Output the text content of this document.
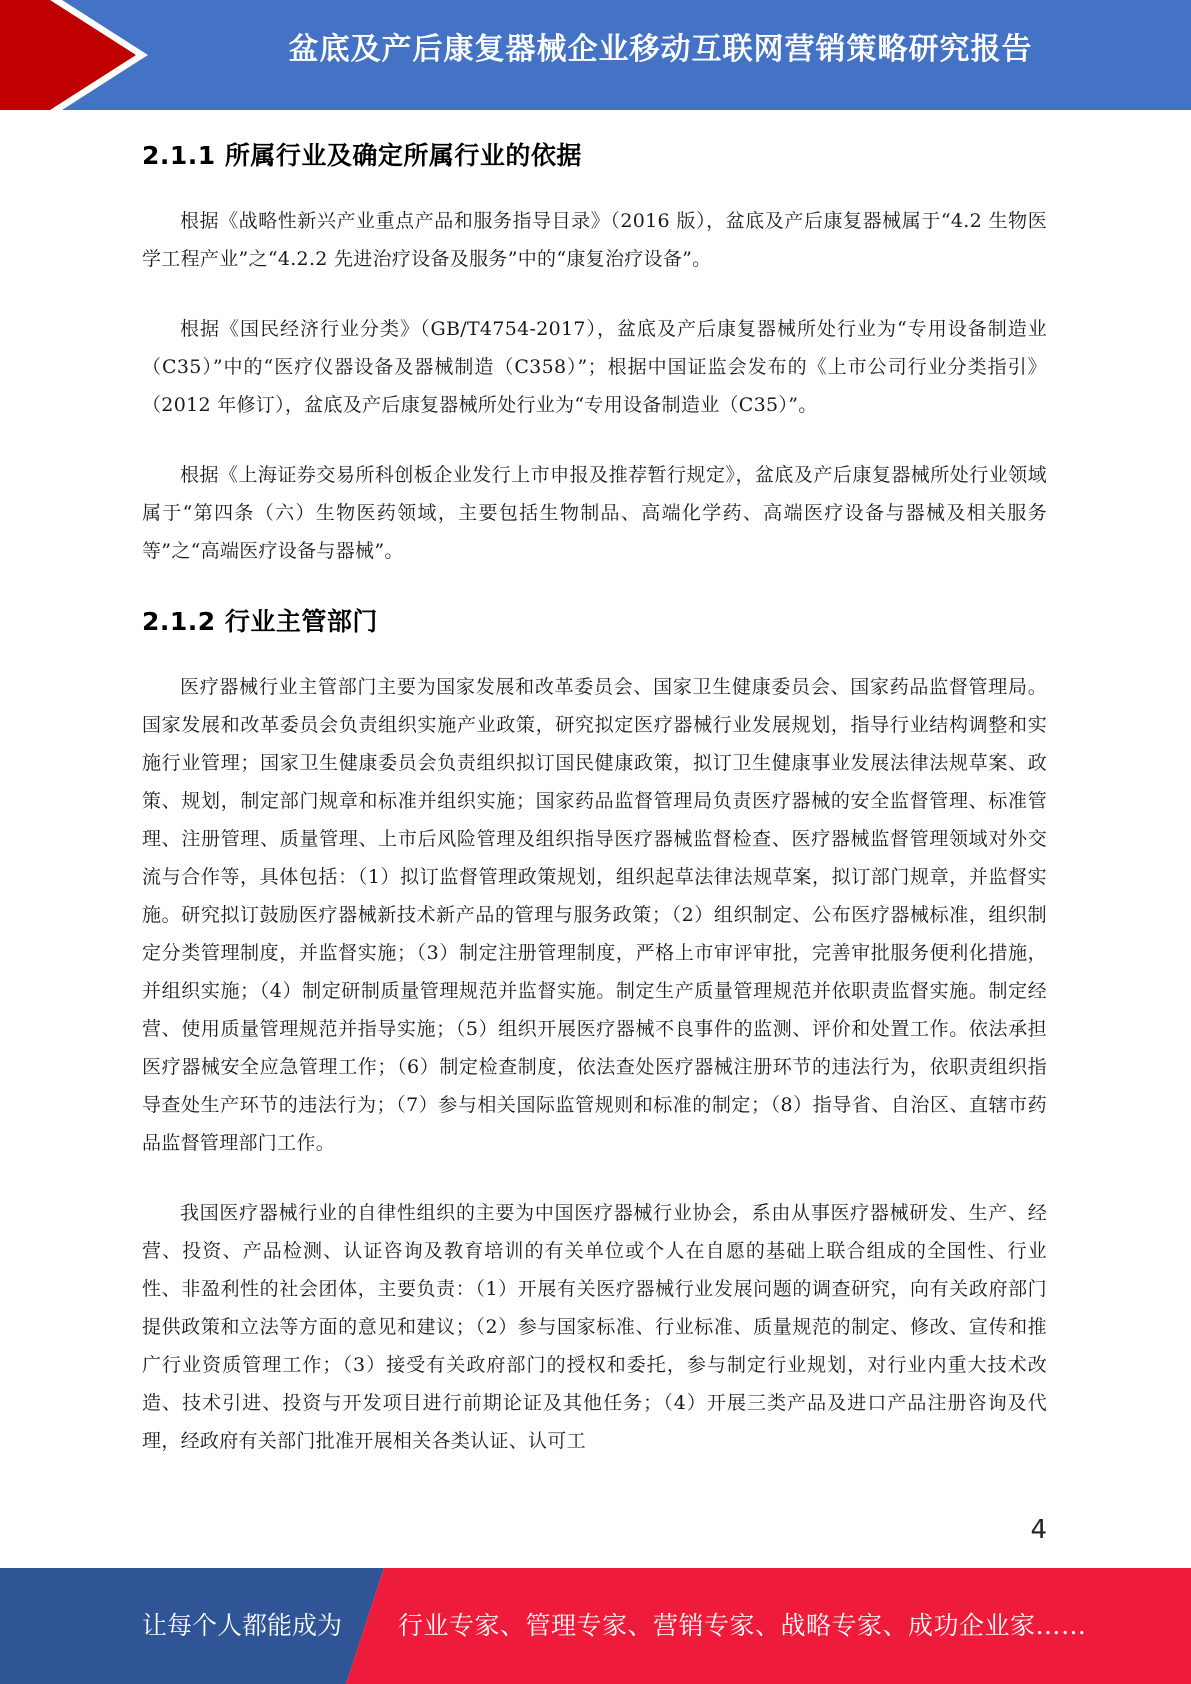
盆底及产后康复器械企业移动互联网营销策略研究报告
2.1.1 所属行业及确定所属行业的依据

根据《战略性新兴产业重点产品和服务指导目录》（2016 版），盆底及产后康复器械属于“4.2 生物医学工程产业”之“4.2.2 先进治疗设备及服务”中的“康复治疗设备”。

根据《国民经济行业分类》（GB/T4754-2017），盆底及产后康复器械所处行业为“专用设备制造业（C35）”中的“医疗仪器设备及器械制造（C358）”；根据中国证监会发布的《上市公司行业分类指引》（2012 年修订），盆底及产后康复器械所处行业为“专用设备制造业（C35）”。

根据《上海证券交易所科创板企业发行上市申报及推荐暂行规定》，盆底及产后康复器械所处行业领域属于“第四条（六）生物医药领域，主要包括生物制品、高端化学药、高端医疗设备与器械及相关服务等”之“高端医疗设备与器械”。

2.1.2 行业主管部门

医疗器械行业主管部门主要为国家发展和改革委员会、国家卫生健康委员会、国家药品监督管理局。国家发展和改革委员会负责组织实施产业政策，研究拟定医疗器械行业发展规划，指导行业结构调整和实施行业管理；国家卫生健康委员会负责组织拟订国民健康政策，拟订卫生健康事业发展法律法规草案、政策、规划，制定部门规章和标准并组织实施；国家药品监督管理局负责医疗器械的安全监督管理、标准管理、注册管理、质量管理、上市后风险管理及组织指导医疗器械监督检查、医疗器械监督管理领域对外交流与合作等，具体包括：（1）拟订监督管理政策规划，组织起草法律法规草案，拟订部门规章，并监督实施。研究拟订鼓励医疗器械新技术新产品的管理与服务政策；（2）组织制定、公布医疗器械标准，组织制定分类管理制度，并监督实施；（3）制定注册管理制度，严格上市审评审批，完善审批服务便利化措施，并组织实施；（4）制定研制质量管理规范并监督实施。制定生产质量管理规范并依职责监督实施。制定经营、使用质量管理规范并指导实施；（5）组织开展医疗器械不良事件的监测、评价和处置工作。依法承担医疗器械安全应急管理工作；（6）制定检查制度，依法查处医疗器械注册环节的违法行为，依职责组织指导查处生产环节的违法行为；（7）参与相关国际监管规则和标准的制定；（8）指导省、自治区、直辖市药品监督管理部门工作。

我国医疗器械行业的自律性组织的主要为中国医疗器械行业协会，系由从事医疗器械研发、生产、经营、投资、产品检测、认证咨询及教育培训的有关单位或个人在自愿的基础上联合组成的全国性、行业性、非盈利性的社会团体，主要负责：（1）开展有关医疗器械行业发展问题的调查研究，向有关政府部门提供政策和立法等方面的意见和建议；（2）参与国家标准、行业标准、质量规范的制定、修改、宣传和推广行业资质管理工作；（3）接受有关政府部门的授权和委托，参与制定行业规划，对行业内重大技术改造、技术引进、投资与开发项目进行前期论证及其他任务；（4）开展三类产品及进口产品注册咨询及代理，经政府有关部门批准开展相关各类认证、认可工

4
让每个人都能成为 行业专家、管理专家、营销专家、战略专家、成功企业家……
